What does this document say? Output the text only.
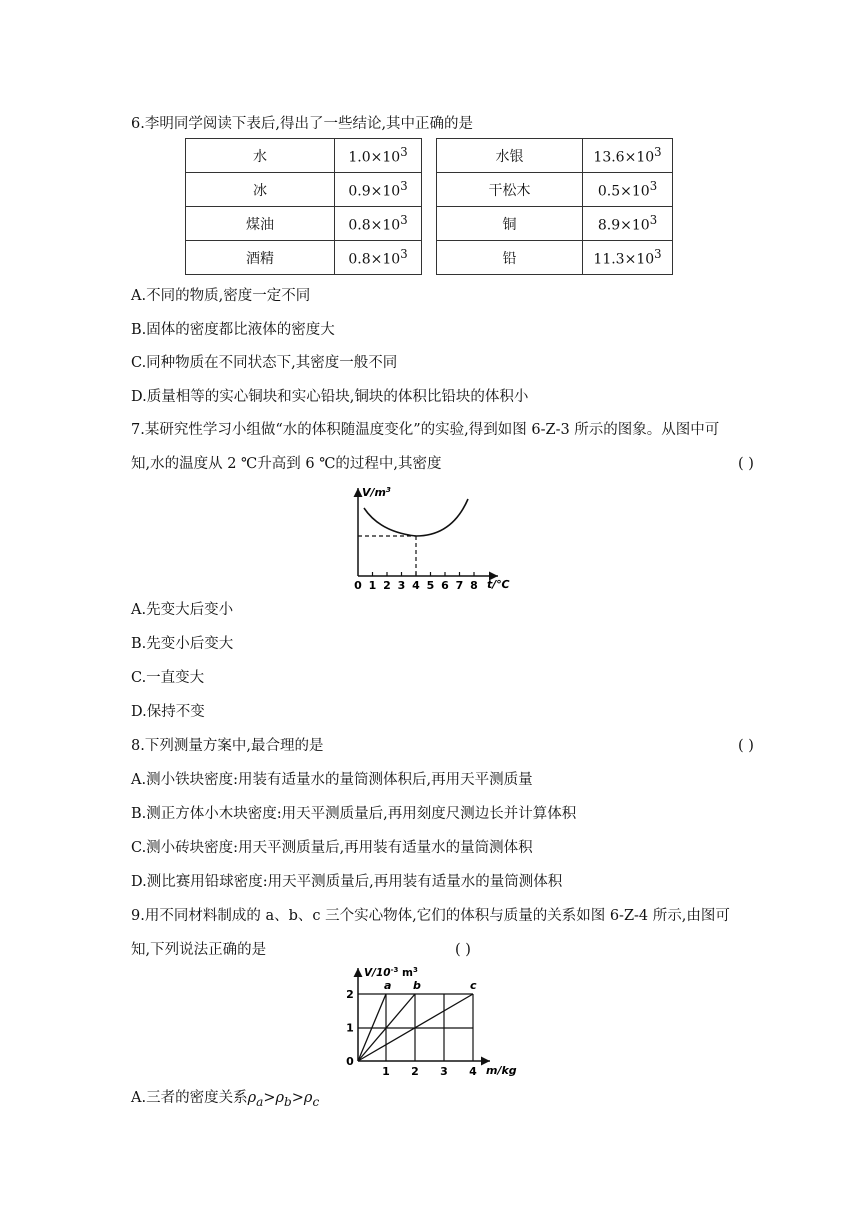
6.李明同学阅读下表后,得出了一些结论,其中正确的是
水	$1.0\times 10^3$		水银	$13.6\times 10^3$
冰	$0.9\times 10^3$		干松木	$0.5\times 10^3$
煤油	$0.8\times 10^3$		铜	$8.9\times 10^3$
酒精	$0.8\times 10^3$		铅	$11.3\times 10^3$
A.不同的物质,密度一定不同
B.固体的密度都比液体的密度大
C.同种物质在不同状态下,其密度一般不同
D.质量相等的实心铜块和实心铅块,铜块的体积比铅块的体积小
7.某研究性学习小组做“水的体积随温度变化”的实验,得到如图 6-Z-3 所示的图象。从图中可
知,水的温度从 2 ℃升高到 6 ℃的过程中,其密度	( )
0 1 2 3 4 5 6 7 8
$V/m^3$
t/℃
A.先变大后变小
B.先变小后变大
C.一直变大
D.保持不变
8.下列测量方案中,最合理的是	( )
A.测小铁块密度:用装有适量水的量筒测体积后,再用天平测质量
B.测正方体小木块密度:用天平测质量后,再用刻度尺测边长并计算体积
C.测小砖块密度:用天平测质量后,再用装有适量水的量筒测体积
D.测比赛用铅球密度:用天平测质量后,再用装有适量水的量筒测体积
9.用不同材料制成的 a、b、c 三个实心物体,它们的体积与质量的关系如图 6-Z-4 所示,由图可
知,下列说法正确的是	( )
1 2 3 4
0
1
2
a b	c
$V/10^{-3}$ $m^3$
m/kg
A.三者的密度关系$\rho_a>\rho_b>\rho_c$
